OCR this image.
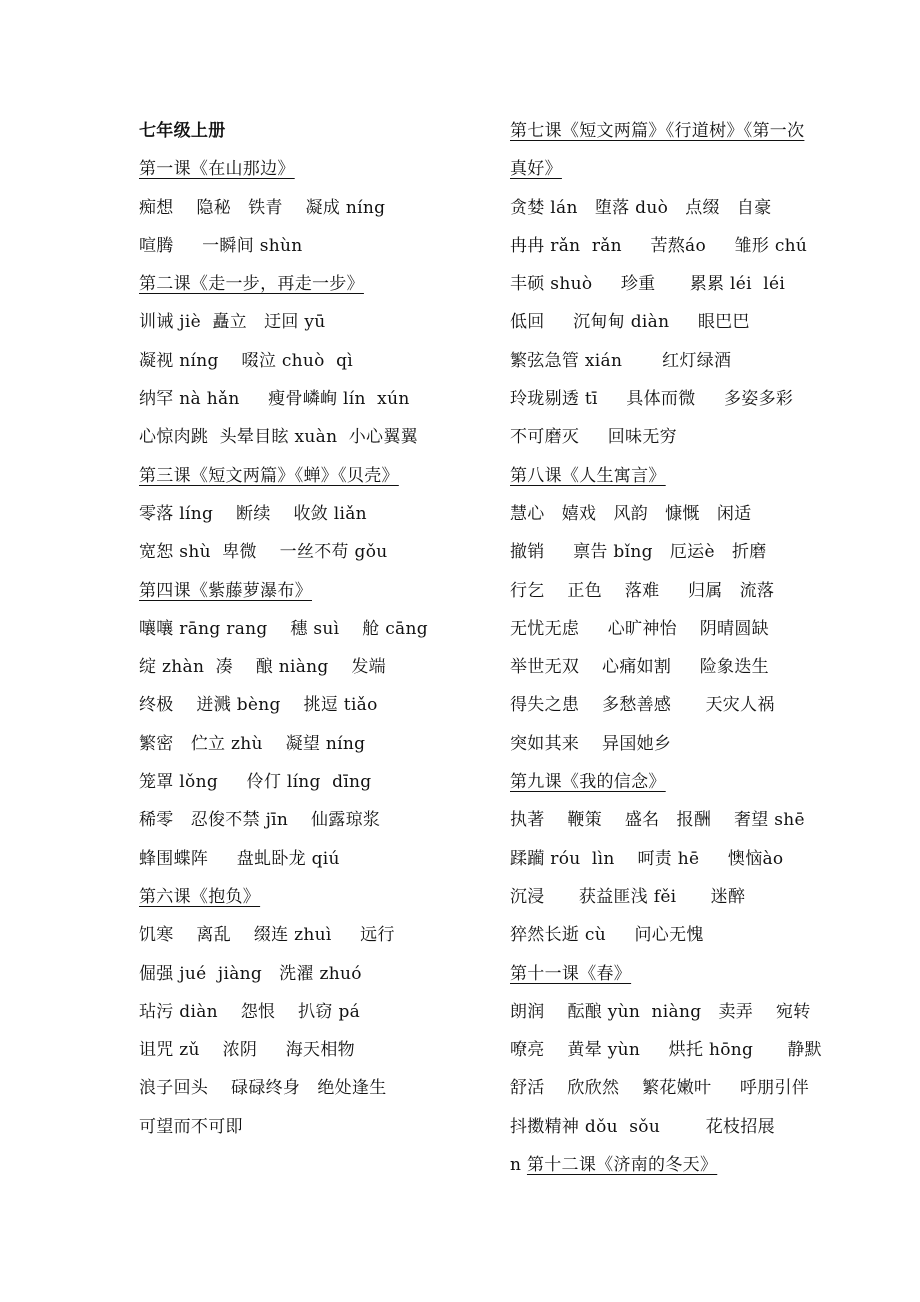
七年级上册
第一课《在山那边》
痴想    隐秘   铁青    凝成 níng
喧腾     一瞬间 shùn
第二课《走一步，再走一步》
训诫 jiè  矗立   迂回 yū
凝视 níng    啜泣 chuò  qì
纳罕 nà hǎn     瘦骨嶙峋 lín  xún
心惊肉跳  头晕目眩 xuàn  小心翼翼
第三课《短文两篇》《蝉》《贝壳》
零落 líng    断续    收敛 liǎn
宽恕 shù  卑微    一丝不苟 gǒu
第四课《紫藤萝瀑布》
嚷嚷 rāng rang    穗 suì    舱 cāng
绽 zhàn  凑    酿 niàng    发端
终极    迸溅 bèng    挑逗 tiǎo
繁密   伫立 zhù    凝望 níng
笼罩 lǒng     伶仃 líng  dīng
稀零   忍俊不禁 jīn    仙露琼浆
蜂围蝶阵     盘虬卧龙 qiú
第六课《抱负》
饥寒    离乱    缀连 zhuì     远行
倔强 jué  jiàng   洗濯 zhuó
玷污 diàn    怨恨    扒窃 pá
诅咒 zǔ    浓阴     海天相物
浪子回头    碌碌终身   绝处逢生
可望而不可即
第七课《短文两篇》《行道树》《第一次
真好》
贪婪 lán   堕落 duò   点缀   自豪
冉冉 rǎn  rǎn     苦熬áo     雏形 chú
丰硕 shuò     珍重      累累 léi  léi
低回     沉甸甸 diàn     眼巴巴
繁弦急管 xián       红灯绿酒
玲珑剔透 tī     具体而微     多姿多彩
不可磨灭     回味无穷
第八课《人生寓言》
慧心   嬉戏   风韵   慷慨   闲适
撤销     禀告 bǐng   厄运è   折磨
行乞    正色    落难     归属   流落
无忧无虑     心旷神怡    阴晴圆缺
举世无双    心痛如割     险象迭生
得失之患    多愁善感      天灾人祸
突如其来    异国她乡
第九课《我的信念》
执著    鞭策    盛名   报酬    奢望 shē
蹂躏 róu  lìn    呵责 hē     懊恼ào
沉浸      获益匪浅 fěi      迷醉
猝然长逝 cù     问心无愧
第十一课《春》
朗润    酝酿 yùn  niàng   卖弄    宛转
嘹亮    黄晕 yùn     烘托 hōng      静默
舒活    欣欣然    繁花嫩叶     呼朋引伴
抖擞精神 dǒu  sǒu        花枝招展
n 第十二课《济南的冬天》
